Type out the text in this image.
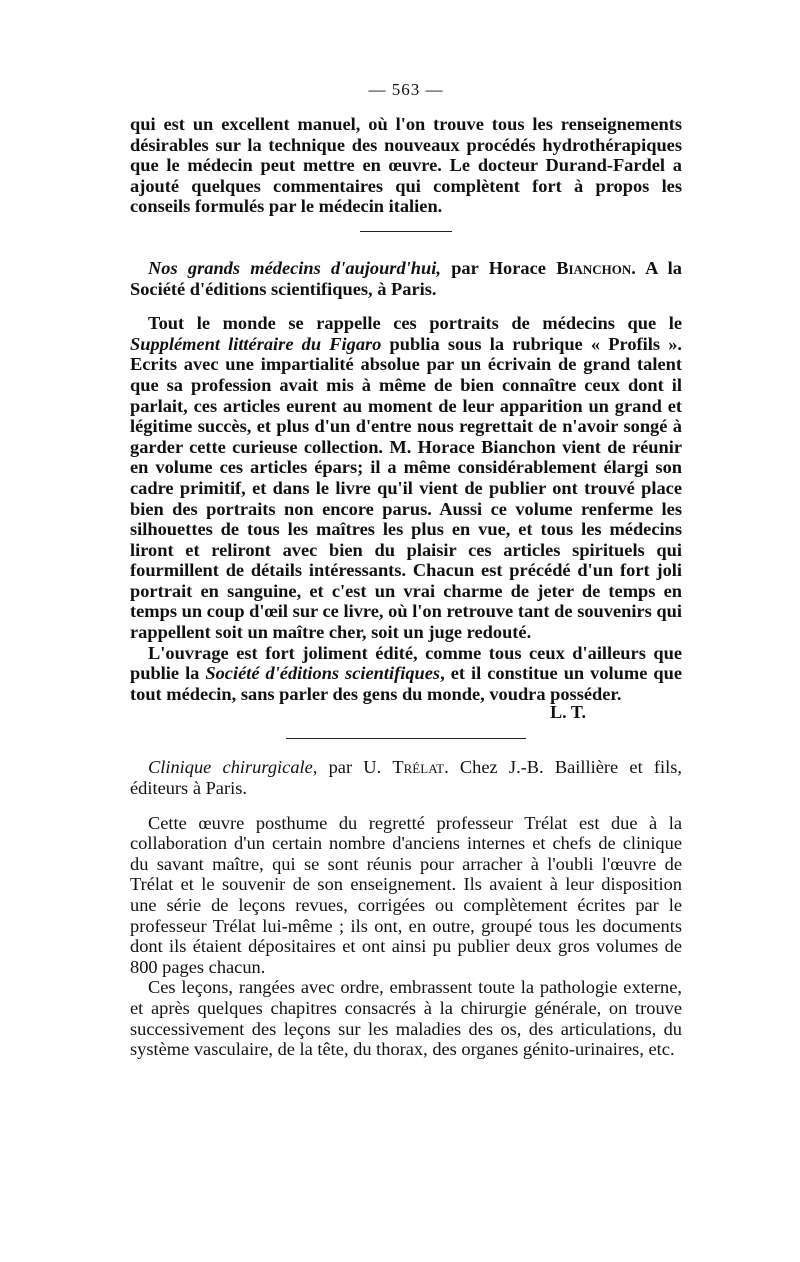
— 563 —

qui est un excellent manuel, où l'on trouve tous les renseignements désirables sur la technique des nouveaux procédés hydrothérapiques que le médecin peut mettre en œuvre. Le docteur Durand-Fardel a ajouté quelques commentaires qui complètent fort à propos les conseils formulés par le médecin italien.

Nos grands médecins d'aujourd'hui, par Horace Bianchon. A la Société d'éditions scientifiques, à Paris.

Tout le monde se rappelle ces portraits de médecins que le Supplément littéraire du Figaro publia sous la rubrique « Profils ». Ecrits avec une impartialité absolue par un écrivain de grand talent que sa profession avait mis à même de bien connaître ceux dont il parlait, ces articles eurent au moment de leur apparition un grand et légitime succès, et plus d'un d'entre nous regrettait de n'avoir songé à garder cette curieuse collection. M. Horace Bianchon vient de réunir en volume ces articles épars; il a même considérablement élargi son cadre primitif, et dans le livre qu'il vient de publier ont trouvé place bien des portraits non encore parus. Aussi ce volume renferme les silhouettes de tous les maîtres les plus en vue, et tous les médecins liront et reliront avec bien du plaisir ces articles spirituels qui fourmillent de détails intéressants. Chacun est précédé d'un fort joli portrait en sanguine, et c'est un vrai charme de jeter de temps en temps un coup d'œil sur ce livre, où l'on retrouve tant de souvenirs qui rappellent soit un maître cher, soit un juge redouté.

L'ouvrage est fort joliment édité, comme tous ceux d'ailleurs que publie la Société d'éditions scientifiques, et il constitue un volume que tout médecin, sans parler des gens du monde, voudra posséder.

L. T.

Clinique chirurgicale, par U. Trélat. Chez J.-B. Baillière et fils, éditeurs à Paris.

Cette œuvre posthume du regretté professeur Trélat est due à la collaboration d'un certain nombre d'anciens internes et chefs de clinique du savant maître, qui se sont réunis pour arracher à l'oubli l'œuvre de Trélat et le souvenir de son enseignement. Ils avaient à leur disposition une série de leçons revues, corrigées ou complètement écrites par le professeur Trélat lui-même ; ils ont, en outre, groupé tous les documents dont ils étaient dépositaires et ont ainsi pu publier deux gros volumes de 800 pages chacun.

Ces leçons, rangées avec ordre, embrassent toute la pathologie externe, et après quelques chapitres consacrés à la chirurgie générale, on trouve successivement des leçons sur les maladies des os, des articulations, du système vasculaire, de la tête, du thorax, des organes génito-urinaires, etc.
